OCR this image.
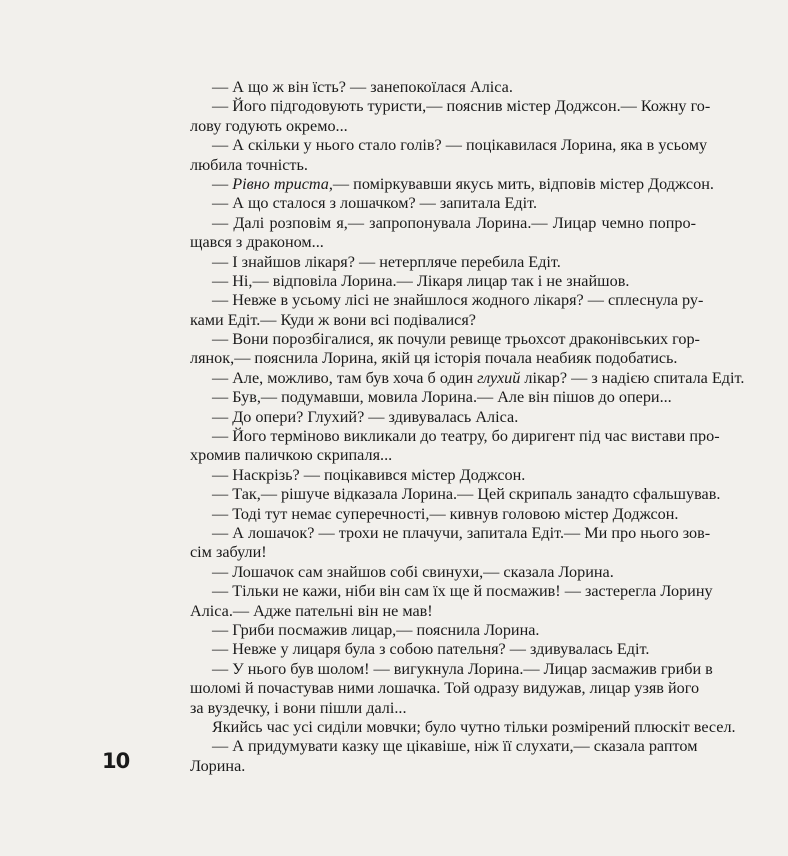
— А що ж він їсть? — занепокоїлася Аліса.
— Його підгодовують туристи,— пояснив містер Доджсон.— Кожну го-
лову годують окремо...
— А скільки у нього стало голів? — поцікавилася Лорина, яка в усьому
любила точність.
— Рівно триста,— поміркувавши якусь мить, відповів містер Доджсон.
— А що сталося з лошачком? — запитала Едіт.
— Далі розповім я,— запропонувала Лорина.— Лицар чемно попро-
щався з драконом...
— І знайшов лікаря? — нетерпляче перебила Едіт.
— Ні,— відповіла Лорина.— Лікаря лицар так і не знайшов.
— Невже в усьому лісі не знайшлося жодного лікаря? — сплеснула ру-
ками Едіт.— Куди ж вони всі подівалися?
— Вони порозбігалися, як почули ревище трьохсот драконівських гор-
лянок,— пояснила Лорина, якій ця історія почала неабияк подобатись.
— Але, можливо, там був хоча б один глухий лікар? — з надією спитала Едіт.
— Був,— подумавши, мовила Лорина.— Але він пішов до опери...
— До опери? Глухий? — здивувалась Аліса.
— Його терміново викликали до театру, бо диригент під час вистави про-
хромив паличкою скрипаля...
— Наскрізь? — поцікавився містер Доджсон.
— Так,— рішуче відказала Лорина.— Цей скрипаль занадто сфальшував.
— Тоді тут немає суперечності,— кивнув головою містер Доджсон.
— А лошачок? — трохи не плачучи, запитала Едіт.— Ми про нього зов-
сім забули!
— Лошачок сам знайшов собі свинухи,— сказала Лорина.
— Тільки не кажи, ніби він сам їх ще й посмажив! — застерегла Лорину
Аліса.— Адже пательні він не мав!
— Гриби посмажив лицар,— пояснила Лорина.
— Невже у лицаря була з собою пательня? — здивувалась Едіт.
— У нього був шолом! — вигукнула Лорина.— Лицар засмажив гриби в
шоломі й почастував ними лошачка. Той одразу видужав, лицар узяв його
за вуздечку, і вони пішли далі...
Якийсь час усі сиділи мовчки; було чутно тільки розмірений плюскіт весел.
— А придумувати казку ще цікавіше, ніж її слухати,— сказала раптом
Лорина.
10
